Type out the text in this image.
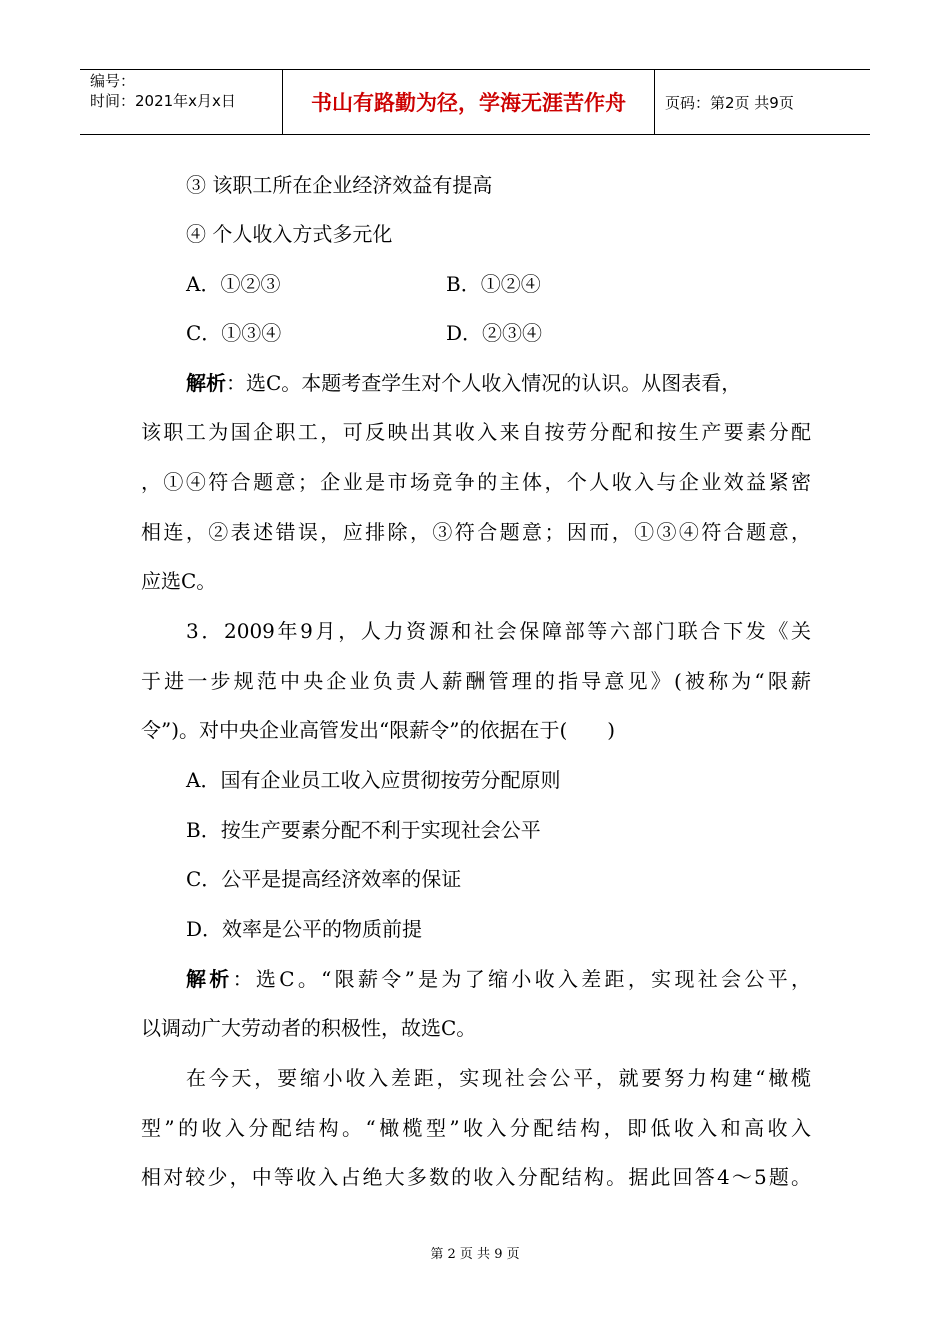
编号：
时间：2021年x月x日	书山有路勤为径，学海无涯苦作舟	页码：第2页 共9页
③ 该职工所在企业经济效益有提高
④ 个人收入方式多元化
A．①②③	B．①②④
C．①③④	D．②③④
解析：选C。本题考查学生对个人收入情况的认识。从图表看，
该职工为国企职工，可反映出其收入来自按劳分配和按生产要素分配
，①④符合题意；企业是市场竞争的主体，个人收入与企业效益紧密
相连，②表述错误，应排除，③符合题意；因而，①③④符合题意，
应选C。
3．2009年9月，人力资源和社会保障部等六部门联合下发《关
于进一步规范中央企业负责人薪酬管理的指导意见》(被称为“限薪
令”)。对中央企业高管发出“限薪令”的依据在于(　　)
A．国有企业员工收入应贯彻按劳分配原则
B．按生产要素分配不利于实现社会公平
C．公平是提高经济效率的保证
D．效率是公平的物质前提
解析：选C。“限薪令”是为了缩小收入差距，实现社会公平，
以调动广大劳动者的积极性，故选C。
在今天，要缩小收入差距，实现社会公平，就要努力构建“橄榄
型”的收入分配结构。“橄榄型”收入分配结构，即低收入和高收入
相对较少，中等收入占绝大多数的收入分配结构。据此回答4～5题。
第 2 页 共 9 页
